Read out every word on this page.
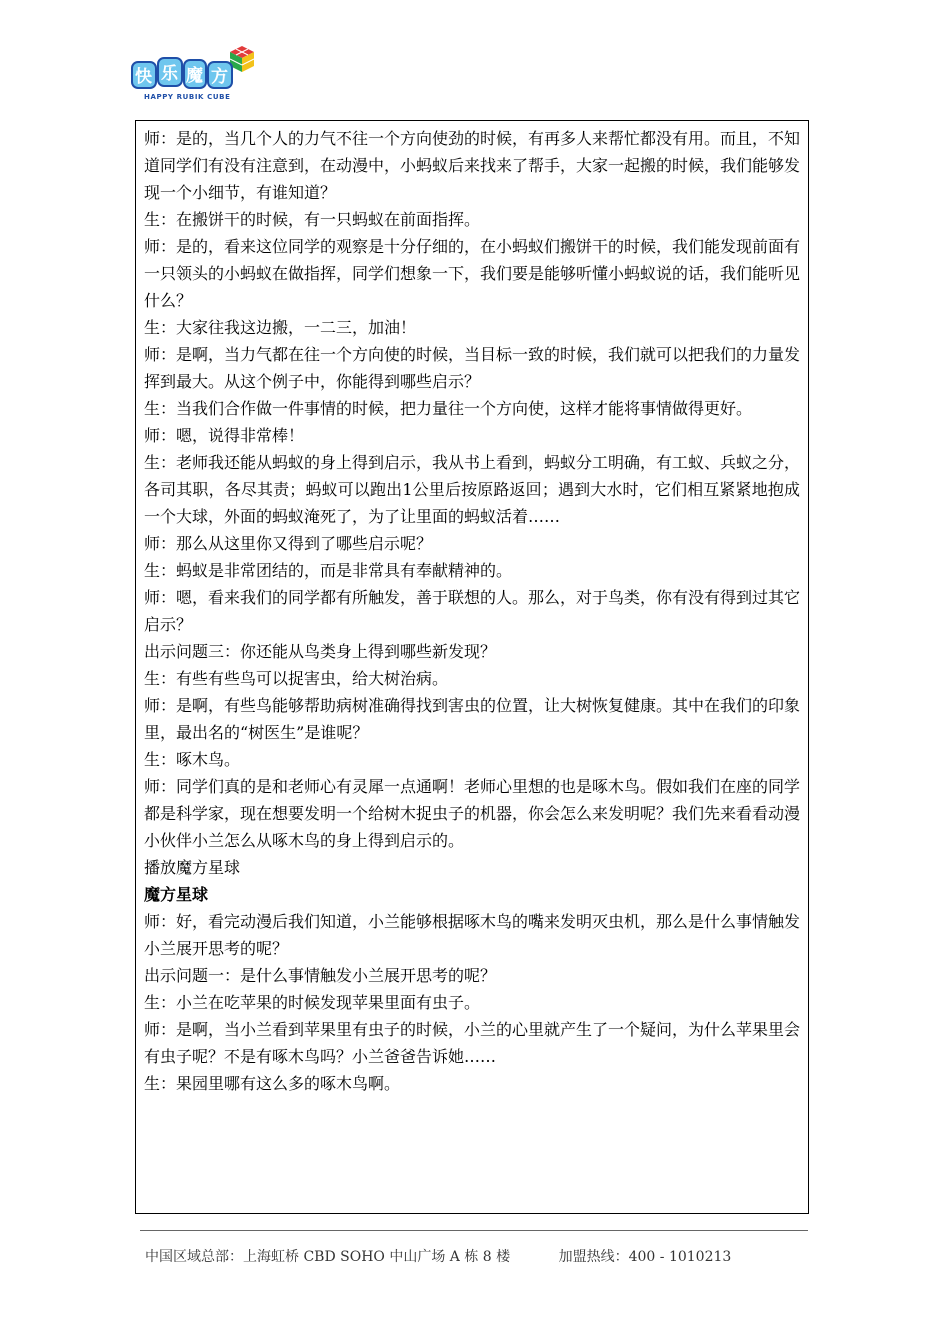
快 乐 魔 方
HAPPY RUBIK CUBE

师：是的，当几个人的力气不往一个方向使劲的时候，有再多人来帮忙都没有用。而且，不知道同学们有没有注意到，在动漫中，小蚂蚁后来找来了帮手，大家一起搬的时候，我们能够发现一个小细节，有谁知道？

生：在搬饼干的时候，有一只蚂蚁在前面指挥。

师：是的，看来这位同学的观察是十分仔细的，在小蚂蚁们搬饼干的时候，我们能发现前面有一只领头的小蚂蚁在做指挥，同学们想象一下，我们要是能够听懂小蚂蚁说的话，我们能听见什么？

生：大家往我这边搬，一二三，加油！

师：是啊，当力气都在往一个方向使的时候，当目标一致的时候，我们就可以把我们的力量发挥到最大。从这个例子中，你能得到哪些启示？

生：当我们合作做一件事情的时候，把力量往一个方向使，这样才能将事情做得更好。

师：嗯，说得非常棒！

生：老师我还能从蚂蚁的身上得到启示，我从书上看到，蚂蚁分工明确，有工蚁、兵蚁之分，各司其职，各尽其责；蚂蚁可以跑出1公里后按原路返回；遇到大水时，它们相互紧紧地抱成一个大球，外面的蚂蚁淹死了，为了让里面的蚂蚁活着……

师：那么从这里你又得到了哪些启示呢？

生：蚂蚁是非常团结的，而是非常具有奉献精神的。

师：嗯，看来我们的同学都有所触发，善于联想的人。那么，对于鸟类，你有没有得到过其它启示？

出示问题三：你还能从鸟类身上得到哪些新发现？

生：有些有些鸟可以捉害虫，给大树治病。

师：是啊，有些鸟能够帮助病树准确得找到害虫的位置，让大树恢复健康。其中在我们的印象里，最出名的“树医生”是谁呢？

生：啄木鸟。

师：同学们真的是和老师心有灵犀一点通啊！老师心里想的也是啄木鸟。假如我们在座的同学都是科学家，现在想要发明一个给树木捉虫子的机器，你会怎么来发明呢？我们先来看看动漫小伙伴小兰怎么从啄木鸟的身上得到启示的。

播放魔方星球

魔方星球

师：好，看完动漫后我们知道，小兰能够根据啄木鸟的嘴来发明灭虫机，那么是什么事情触发小兰展开思考的呢？

出示问题一：是什么事情触发小兰展开思考的呢？

生：小兰在吃苹果的时候发现苹果里面有虫子。

师：是啊，当小兰看到苹果里有虫子的时候，小兰的心里就产生了一个疑问，为什么苹果里会有虫子呢？不是有啄木鸟吗？小兰爸爸告诉她……

生：果园里哪有这么多的啄木鸟啊。

中国区域总部：上海虹桥 CBD SOHO 中山广场 A 栋 8 楼	加盟热线：400 - 1010213
